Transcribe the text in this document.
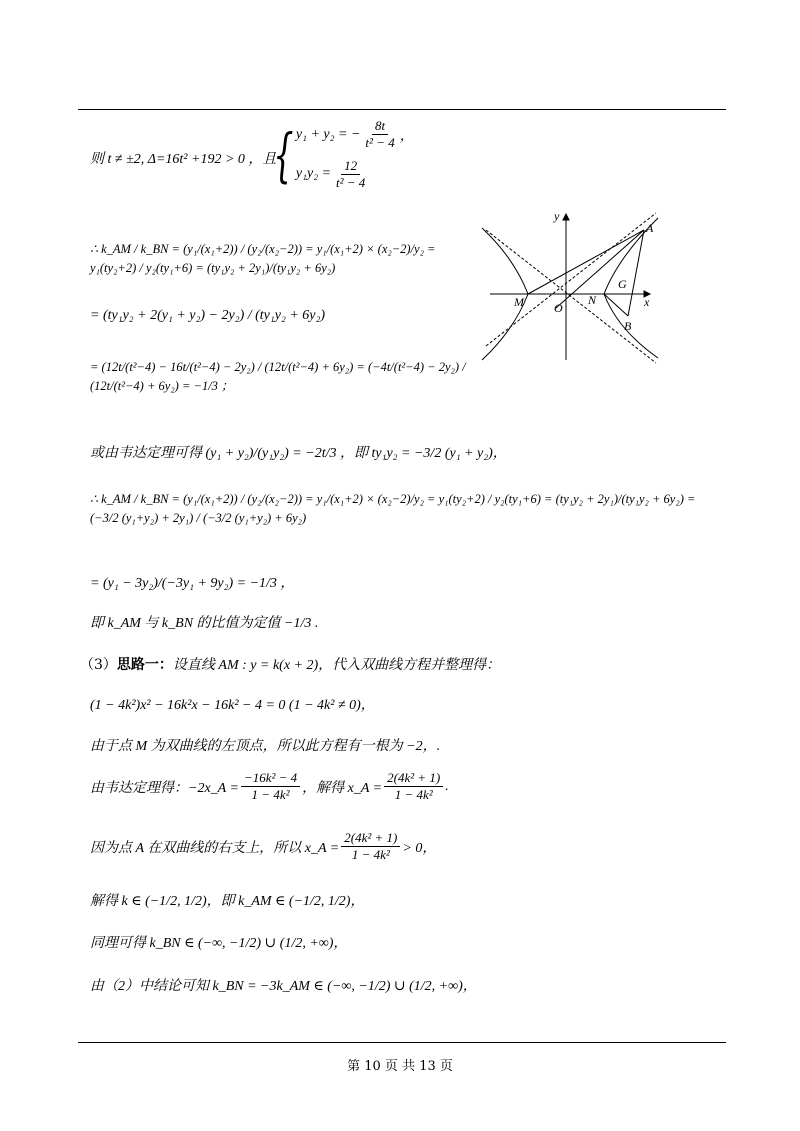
则 t ≠ ±2, Δ=16t² +192 > 0 ，且
{ y₁ + y₂ = − $\frac{8t}{\text{t² − 4}}$ ，
$y_1y_2 = \frac{12}{\text{t² − 4}}$
∴ k_AM / k_BN = (y₁/(x₁+2)) / (y₂/(x₂−2)) = y₁/(x₁+2) × (x₂−2)/y₂ = y₁(ty₂+2) / y₂(ty₁+6) = (ty₁y₂ + 2y₁)/(ty₁y₂ + 6y₂)
= (ty₁y₂ + 2(y₁ + y₂) − 2y₂) / (ty₁y₂ + 6y₂)
= (12t/(t²−4) − 16t/(t²−4) − 2y₂) / (12t/(t²−4) + 6y₂) = (−4t/(t²−4) − 2y₂) / (12t/(t²−4) + 6y₂) = −1/3 ；
或由韦达定理可得 (y₁ + y₂)/(y₁y₂) = −2t/3 ，即 ty₁y₂ = −3/2 (y₁ + y₂)，
∴ k_AM / k_BN = (y₁/(x₁+2)) / (y₂/(x₂−2)) = y₁/(x₁+2) × (x₂−2)/y₂ = y₁(ty₂+2) / y₂(ty₁+6) = (ty₁y₂ + 2y₁)/(ty₁y₂ + 6y₂) = (−3/2 (y₁+y₂) + 2y₁) / (−3/2 (y₁+y₂) + 6y₂)
= (y₁ − 3y₂)/(−3y₁ + 9y₂) = −1/3 ，
即 k_AM 与 k_BN 的比值为定值 −1/3 .
（3） 思路一： 设直线 AM : y = k(x + 2)，代入双曲线方程并整理得：
(1 − 4k²)x² − 16k²x − 16k² − 4 = 0 (1 − 4k² ≠ 0)，
由于点 M 为双曲线的左顶点，所以此方程有一根为 −2，.
由韦达定理得：−2x_A = $\frac{\text{−16k² − 4}}{\text{1 − 4k²}}$ ，解得 x_A = $\frac{\text{2(4k² + 1)}}{\text{1 − 4k²}}$ .
因为点 A 在双曲线的右支上，所以 x_A = $\frac{\text{2(4k² + 1)}}{\text{1 − 4k²}} > 0$，
解得 k ∈ (−1/2, 1/2)，即 k_AM ∈ (−1/2, 1/2)，
同理可得 k_BN ∈ (−∞, −1/2) ∪ (1/2, +∞)，
由（2）中结论可知 k_BN = −3k_AM ∈ (−∞, −1/2) ∪ (1/2, +∞)，
y
x
A
B
G
M	N
O
第 10 页 共 13 页
